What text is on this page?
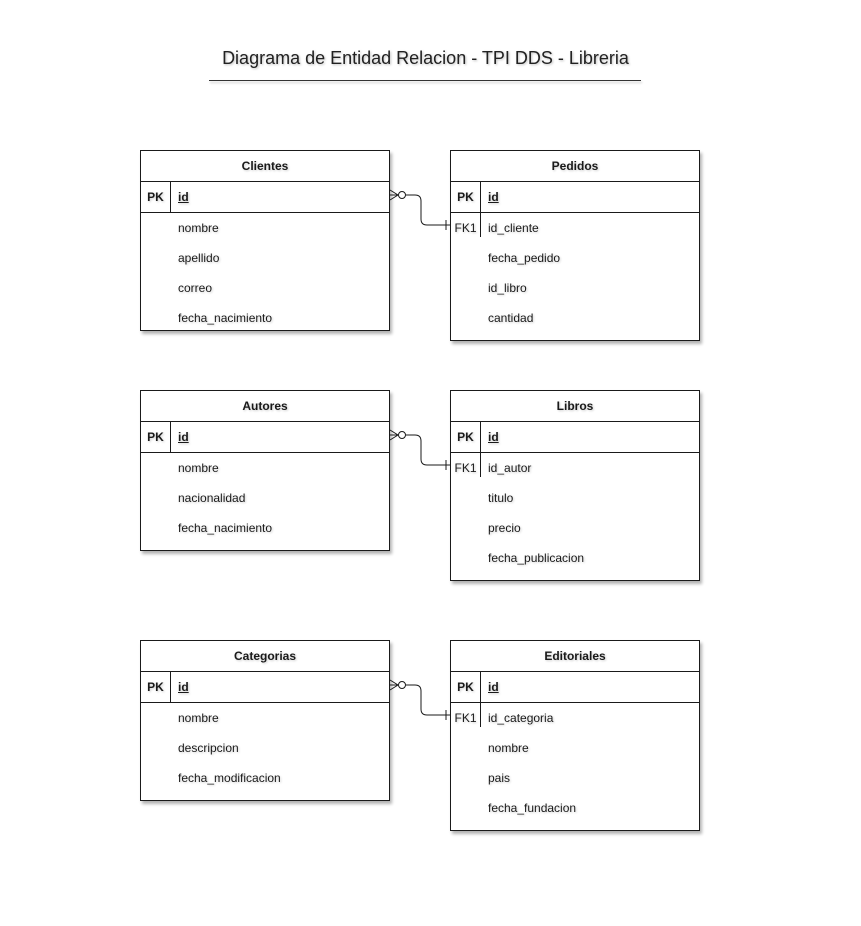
Diagrama de Entidad Relacion - TPI DDS - Libreria
Clientes
PK	id
nombre
apellido
correo
fecha_nacimiento
Pedidos
PK	id
FK1 id_cliente
fecha_pedido
id_libro
cantidad
Autores
PK	id
nombre
nacionalidad
fecha_nacimiento
Libros
PK	id
FK1 id_autor
titulo
precio
fecha_publicacion
Categorias
PK	id
nombre
descripcion
fecha_modificacion
Editoriales
PK	id
FK1 id_categoria
nombre
pais
fecha_fundacion
